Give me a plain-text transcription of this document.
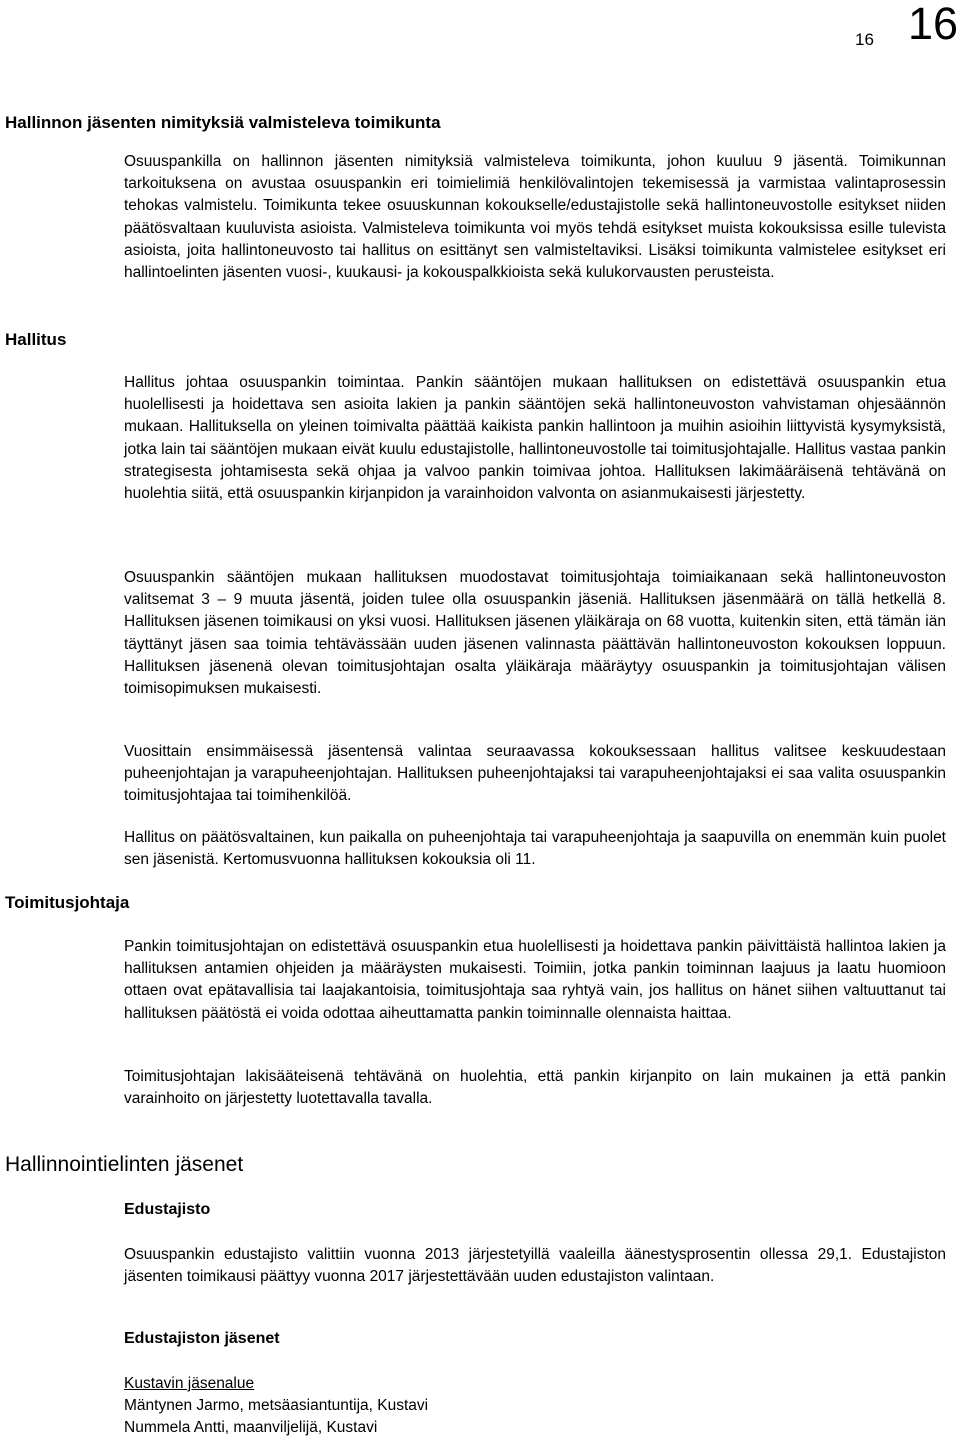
16 16
Hallinnon jäsenten nimityksiä valmisteleva toimikunta

Osuuspankilla on hallinnon jäsenten nimityksiä valmisteleva toimikunta, johon kuuluu 9 jäsentä. Toimikunnan tarkoituksena on avustaa osuuspankin eri toimielimiä henkilövalintojen tekemisessä ja varmistaa valintaprosessin tehokas valmistelu. Toimikunta tekee osuuskunnan kokoukselle/edustajistolle sekä hallintoneuvostolle esitykset niiden päätösvaltaan kuuluvista asioista. Valmisteleva toimikunta voi myös tehdä esitykset muista kokouksissa esille tulevista asioista, joita hallintoneuvosto tai hallitus on esittänyt sen valmisteltaviksi. Lisäksi toimikunta valmistelee esitykset eri hallintoelinten jäsenten vuosi-, kuukausi- ja kokouspalkkioista sekä kulukorvausten perusteista.

Hallitus

Hallitus johtaa osuuspankin toimintaa. Pankin sääntöjen mukaan hallituksen on edistettävä osuuspankin etua huolellisesti ja hoidettava sen asioita lakien ja pankin sääntöjen sekä hallintoneuvoston vahvistaman ohjesäännön mukaan. Hallituksella on yleinen toimivalta päättää kaikista pankin hallintoon ja muihin asioihin liittyvistä kysymyksistä, jotka lain tai sääntöjen mukaan eivät kuulu edustajistolle, hallintoneuvostolle tai toimitusjohtajalle. Hallitus vastaa pankin strategisesta johtamisesta sekä ohjaa ja valvoo pankin toimivaa johtoa. Hallituksen lakimääräisenä tehtävänä on huolehtia siitä, että osuuspankin kirjanpidon ja varainhoidon valvonta on asianmukaisesti järjestetty.

Osuuspankin sääntöjen mukaan hallituksen muodostavat toimitusjohtaja toimiaikanaan sekä hallintoneuvoston valitsemat 3 – 9 muuta jäsentä, joiden tulee olla osuuspankin jäseniä. Hallituksen jäsenmäärä on tällä hetkellä 8. Hallituksen jäsenen toimikausi on yksi vuosi. Hallituksen jäsenen yläikäraja on 68 vuotta, kuitenkin siten, että tämän iän täyttänyt jäsen saa toimia tehtävässään uuden jäsenen valinnasta päättävän hallintoneuvoston kokouksen loppuun. Hallituksen jäsenenä olevan toimitusjohtajan osalta yläikäraja määräytyy osuuspankin ja toimitusjohtajan välisen toimisopimuksen mukaisesti.

Vuosittain ensimmäisessä jäsentensä valintaa seuraavassa kokouksessaan hallitus valitsee keskuudestaan puheenjohtajan ja varapuheenjohtajan. Hallituksen puheenjohtajaksi tai varapuheenjohtajaksi ei saa valita osuuspankin toimitusjohtajaa tai toimihenkilöä.

Hallitus on päätösvaltainen, kun paikalla on puheenjohtaja tai varapuheenjohtaja ja saapuvilla on enemmän kuin puolet sen jäsenistä. Kertomusvuonna hallituksen kokouksia oli 11.

Toimitusjohtaja

Pankin toimitusjohtajan on edistettävä osuuspankin etua huolellisesti ja hoidettava pankin päivittäistä hallintoa lakien ja hallituksen antamien ohjeiden ja määräysten mukaisesti. Toimiin, jotka pankin toiminnan laajuus ja laatu huomioon ottaen ovat epätavallisia tai laajakantoisia, toimitusjohtaja saa ryhtyä vain, jos hallitus on hänet siihen valtuuttanut tai hallituksen päätöstä ei voida odottaa aiheuttamatta pankin toiminnalle olennaista haittaa.

Toimitusjohtajan lakisääteisenä tehtävänä on huolehtia, että pankin kirjanpito on lain mukainen ja että pankin varainhoito on järjestetty luotettavalla tavalla.

Hallinnointielinten jäsenet
Edustajisto

Osuuspankin edustajisto valittiin vuonna 2013 järjestetyillä vaaleilla äänestysprosentin ollessa 29,1. Edustajiston jäsenten toimikausi päättyy vuonna 2017 järjestettävään uuden edustajiston valintaan.

Edustajiston jäsenet
Kustavin jäsenalue
Mäntynen Jarmo, metsäasiantuntija, Kustavi
Nummela Antti, maanviljelijä, Kustavi
